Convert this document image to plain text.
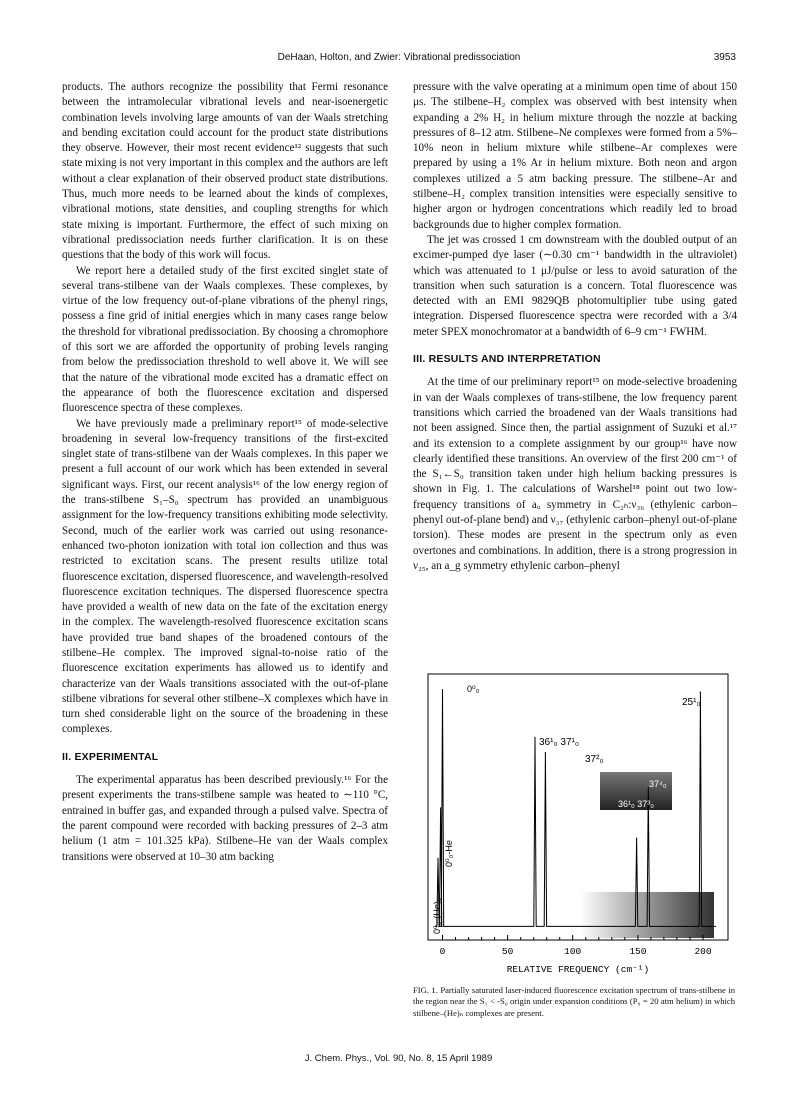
DeHaan, Holton, and Zwier: Vibrational predissociation	3953

products. The authors recognize the possibility that Fermi resonance between the intramolecular vibrational levels and near-isoenergetic combination levels involving large amounts of van der Waals stretching and bending excitation could account for the product state distributions they observe. However, their most recent evidence¹² suggests that such state mixing is not very important in this complex and the authors are left without a clear explanation of their observed product state distributions. Thus, much more needs to be learned about the kinds of complexes, vibrational motions, state densities, and coupling strengths for which state mixing is important. Furthermore, the effect of such mixing on vibrational predissociation needs further clarification. It is on these questions that the body of this work will focus.

We report here a detailed study of the first excited singlet state of several trans-stilbene van der Waals complexes. These complexes, by virtue of the low frequency out-of-plane vibrations of the phenyl rings, possess a fine grid of initial energies which in many cases range below the threshold for vibrational predissociation. By choosing a chromophore of this sort we are afforded the opportunity of probing levels ranging from below the predissociation threshold to well above it. We will see that the nature of the vibrational mode excited has a dramatic effect on the appearance of both the fluorescence excitation and dispersed fluorescence spectra of these complexes.

We have previously made a preliminary report¹⁵ of mode-selective broadening in several low-frequency transitions of the first-excited singlet state of trans-stilbene van der Waals complexes. In this paper we present a full account of our work which has been extended in several significant ways. First, our recent analysis¹⁶ of the low energy region of the trans-stilbene S₁–S₀ spectrum has provided an unambiguous assignment for the low-frequency transitions exhibiting mode selectivity. Second, much of the earlier work was carried out using resonance-enhanced two-photon ionization with total ion collection and thus was restricted to excitation scans. The present results utilize total fluorescence excitation, dispersed fluorescence, and wavelength-resolved fluorescence excitation techniques. The dispersed fluorescence spectra have provided a wealth of new data on the fate of the excitation energy in the complex. The wavelength-resolved fluorescence excitation scans have provided true band shapes of the broadened contours of the stilbene–He complex. The improved signal-to-noise ratio of the fluorescence excitation experiments has allowed us to identify and characterize van der Waals transitions associated with the out-of-plane stilbene vibrations for several other stilbene–X complexes which have in turn shed considerable light on the source of the broadening in these complexes.

II. EXPERIMENTAL

The experimental apparatus has been described previously.¹⁶ For the present experiments the trans-stilbene sample was heated to ∼110 °C, entrained in buffer gas, and expanded through a pulsed valve. Spectra of the parent compound were recorded with backing pressures of 2–3 atm helium (1 atm = 101.325 kPa). Stilbene–He van der Waals complex transitions were observed at 10–30 atm backing

pressure with the valve operating at a minimum open time of about 150 μs. The stilbene–H₂ complex was observed with best intensity when expanding a 2% H₂ in helium mixture through the nozzle at backing pressures of 8–12 atm. Stilbene–Ne complexes were formed from a 5%–10% neon in helium mixture while stilbene–Ar complexes were prepared by using a 1% Ar in helium mixture. Both neon and argon complexes utilized a 5 atm backing pressure. The stilbene–Ar and stilbene–H₂ complex transition intensities were especially sensitive to higher argon or hydrogen concentrations which readily led to broad backgrounds due to higher complex formation.

The jet was crossed 1 cm downstream with the doubled output of an excimer-pumped dye laser (∼0.30 cm⁻¹ bandwidth in the ultraviolet) which was attenuated to 1 μJ/pulse or less to avoid saturation of the transition when such saturation is a concern. Total fluorescence was detected with an EMI 9829QB photomultiplier tube using gated integration. Dispersed fluorescence spectra were recorded with a 3/4 meter SPEX monochromator at a bandwidth of 6–9 cm⁻¹ FWHM.

III. RESULTS AND INTERPRETATION

At the time of our preliminary report¹⁵ on mode-selective broadening in van der Waals complexes of trans-stilbene, the low frequency parent transitions which carried the broadened van der Waals transitions had not been assigned. Since then, the partial assignment of Suzuki et al.¹⁷ and its extension to a complete assignment by our group¹⁶ have now clearly identified these transitions. An overview of the first 200 cm⁻¹ of the S₁←S₀ transition taken under high helium backing pressures is shown in Fig. 1. The calculations of Warshel¹⁸ point out two low-frequency transitions of aᵤ symmetry in C₂ₕ:ν₃₆ (ethylenic carbon–phenyl out-of-plane bend) and ν₃₇ (ethylenic carbon–phenyl out-of-plane torsion). These modes are present in the spectrum only as even overtones and combinations. In addition, there is a strong progression in ν₂₅, an a_g symmetry ethylenic carbon–phenyl

0⁰₀
25¹₀
36¹₀ 37¹₀
37²₀
37⁴₀
36¹₀ 37³₀
0⁰₀-He
0⁰₀-(He)₂
RELATIVE FREQUENCY (cm⁻¹)
0	50	100	150	200
FIG. 1. Partially saturated laser-induced fluorescence excitation spectrum of trans-stilbene in the region near the S₁ < -S₀ origin under expansion conditions (P₀ = 20 atm helium) in which stilbene–(He)ₙ complexes are present.
J. Chem. Phys., Vol. 90, No. 8, 15 April 1989
